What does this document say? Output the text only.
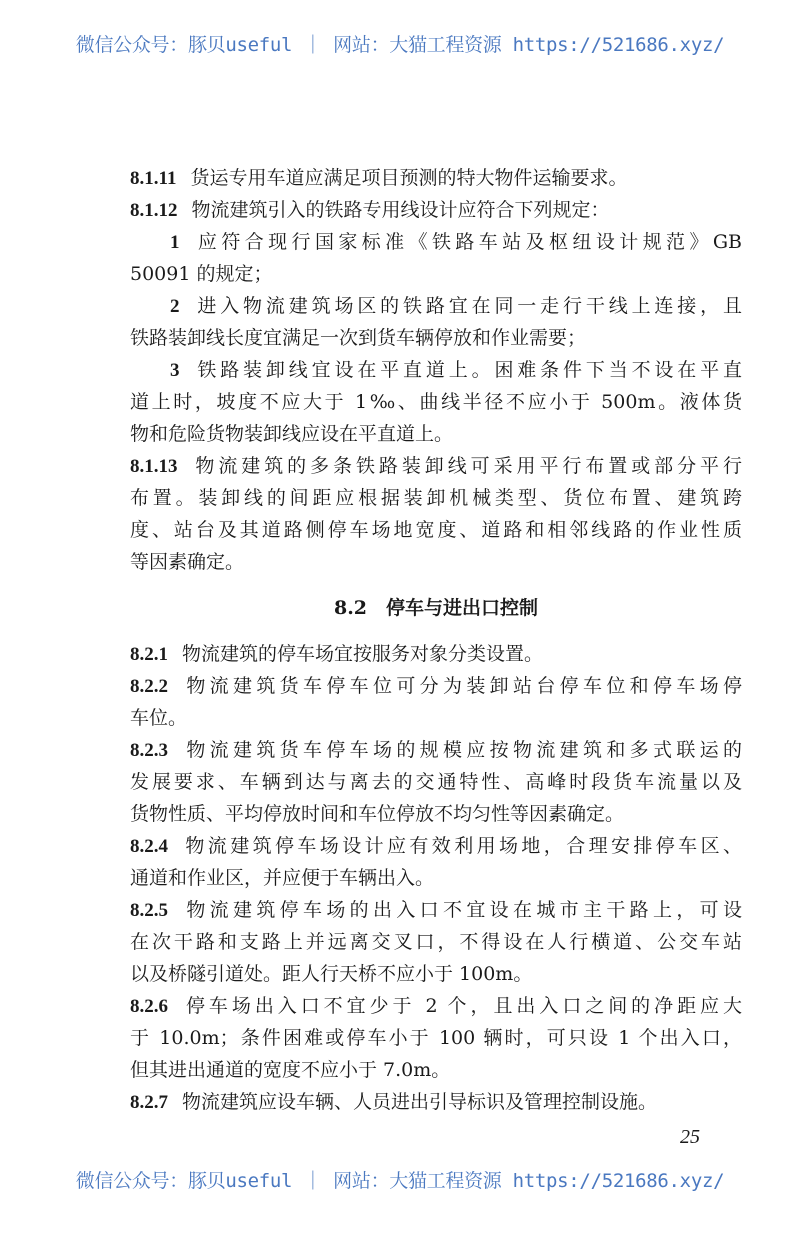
微信公众号：豚贝useful ｜ 网站：大猫工程资源 https://521686.xyz/
8.1.11 货运专用车道应满足项目预测的特大物件运输要求。
8.1.12 物流建筑引入的铁路专用线设计应符合下列规定：
1 应符合现行国家标准《铁路车站及枢纽设计规范》GB
50091 的规定；
2 进入物流建筑场区的铁路宜在同一走行干线上连接，且
铁路装卸线长度宜满足一次到货车辆停放和作业需要；
3 铁路装卸线宜设在平直道上。困难条件下当不设在平直
道上时，坡度不应大于 1‰、曲线半径不应小于 500m。液体货
物和危险货物装卸线应设在平直道上。
8.1.13 物流建筑的多条铁路装卸线可采用平行布置或部分平行
布置。装卸线的间距应根据装卸机械类型、货位布置、建筑跨
度、站台及其道路侧停车场地宽度、道路和相邻线路的作业性质
等因素确定。
8.2　停车与进出口控制
8.2.1 物流建筑的停车场宜按服务对象分类设置。
8.2.2 物流建筑货车停车位可分为装卸站台停车位和停车场停
车位。
8.2.3 物流建筑货车停车场的规模应按物流建筑和多式联运的
发展要求、车辆到达与离去的交通特性、高峰时段货车流量以及
货物性质、平均停放时间和车位停放不均匀性等因素确定。
8.2.4 物流建筑停车场设计应有效利用场地，合理安排停车区、
通道和作业区，并应便于车辆出入。
8.2.5 物流建筑停车场的出入口不宜设在城市主干路上，可设
在次干路和支路上并远离交叉口，不得设在人行横道、公交车站
以及桥隧引道处。距人行天桥不应小于 100m。
8.2.6 停车场出入口不宜少于 2 个，且出入口之间的净距应大
于 10.0m；条件困难或停车小于 100 辆时，可只设 1 个出入口，
但其进出通道的宽度不应小于 7.0m。
8.2.7 物流建筑应设车辆、人员进出引导标识及管理控制设施。
25
微信公众号：豚贝useful ｜ 网站：大猫工程资源 https://521686.xyz/
